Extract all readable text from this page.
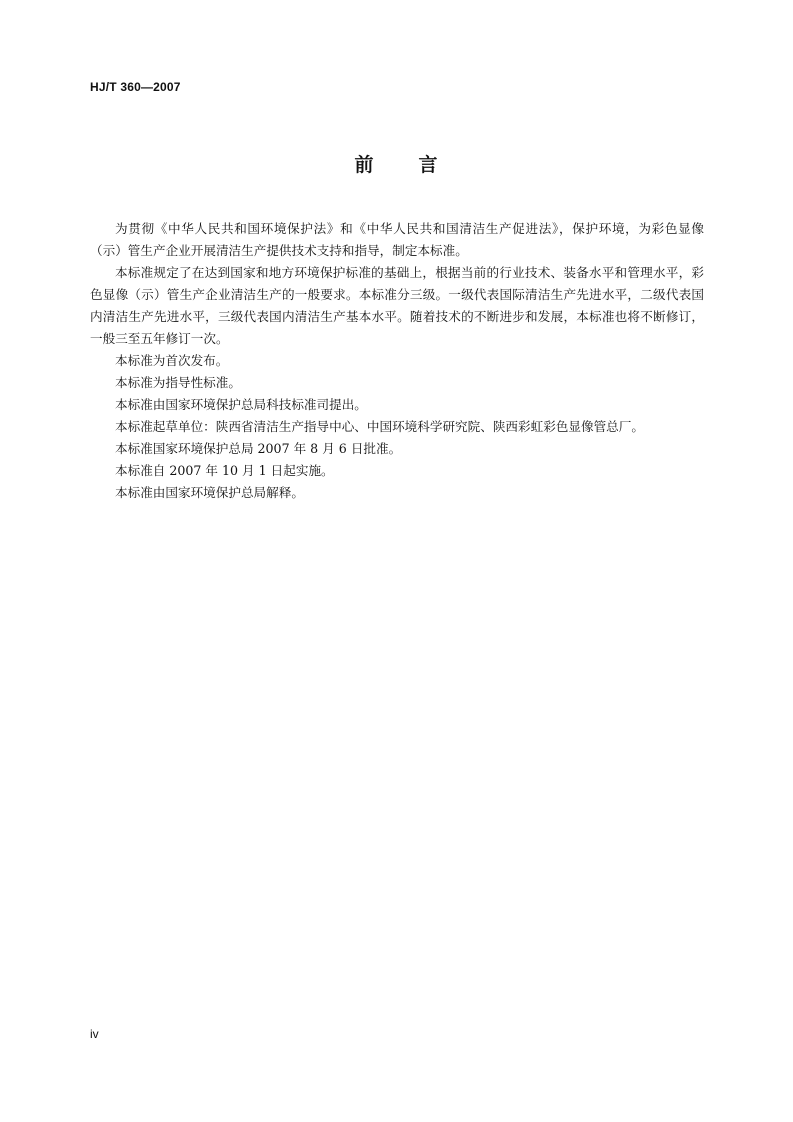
HJ/T 360—2007
前 言

为贯彻《中华人民共和国环境保护法》和《中华人民共和国清洁生产促进法》，保护环境，为彩色显像（示）管生产企业开展清洁生产提供技术支持和指导，制定本标准。

本标准规定了在达到国家和地方环境保护标准的基础上，根据当前的行业技术、装备水平和管理水平，彩色显像（示）管生产企业清洁生产的一般要求。本标准分三级。一级代表国际清洁生产先进水平，二级代表国内清洁生产先进水平，三级代表国内清洁生产基本水平。随着技术的不断进步和发展，本标准也将不断修订，一般三至五年修订一次。

本标准为首次发布。

本标准为指导性标准。

本标准由国家环境保护总局科技标准司提出。

本标准起草单位：陕西省清洁生产指导中心、中国环境科学研究院、陕西彩虹彩色显像管总厂。

本标准国家环境保护总局 2007 年 8 月 6 日批准。

本标准自 2007 年 10 月 1 日起实施。

本标准由国家环境保护总局解释。

iv
